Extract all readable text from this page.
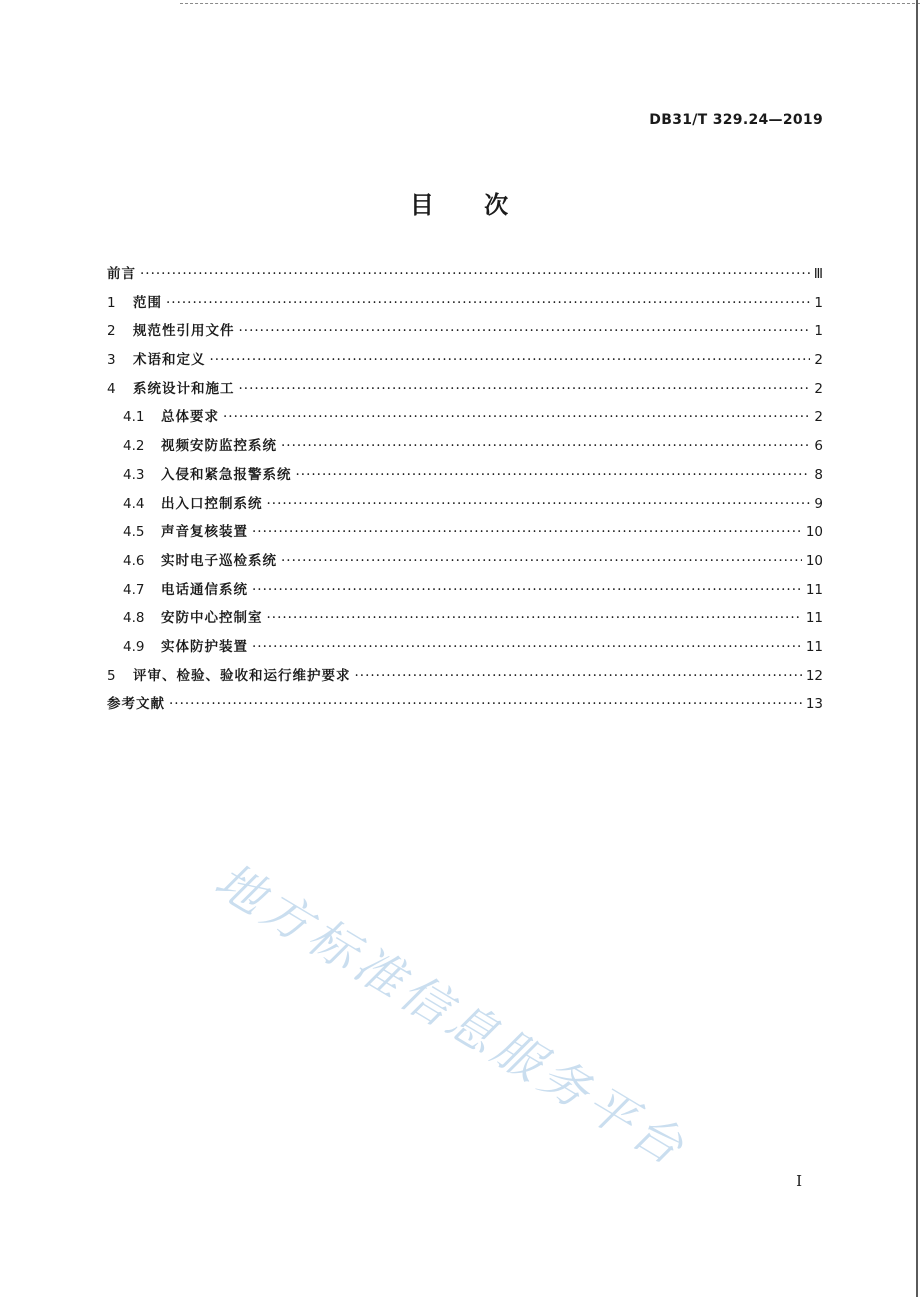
DB31/T 329.24—2019
目 次
前言 ·····	Ⅲ
1	范围 ·····	1
2	规范性引用文件 ·····	1
3	术语和定义 ·····	2
4	系统设计和施工 ·····	2
4.1	总体要求 ·····	2
4.2	视频安防监控系统 ·····	6
4.3	入侵和紧急报警系统 ·····	8
4.4	出入口控制系统 ·····	9
4.5	声音复核装置 ·····	10
4.6	实时电子巡检系统 ·····	10
4.7	电话通信系统 ·····	11
4.8	安防中心控制室 ·····	11
4.9	实体防护装置 ·····	11
5	评审、检验、验收和运行维护要求 ·····	12
参考文献 ·····	13
地方标准信息服务平台
I
